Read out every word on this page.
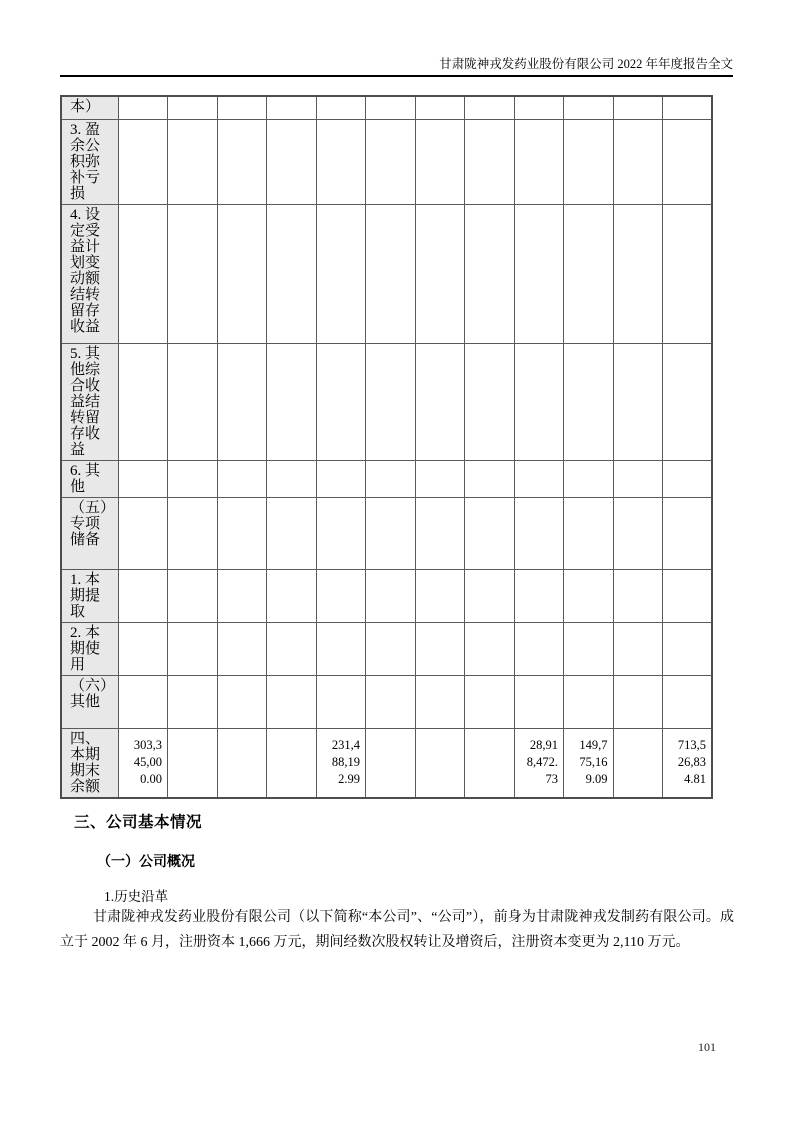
甘肃陇神戎发药业股份有限公司 2022 年年度报告全文
本）												
3. 盈余公积弥补亏损												
4. 设定受益计划变动额结转留存收益												
5. 其他综合收益结转留存收益												
6. 其他												
（五）专项储备												
1. 本期提取												
2. 本期使用												
（六）其他												
四、本期期末余额	303,345,000.00				231,488,192.99				28,918,472.73	149,775,169.09		713,526,834.81
三、公司基本情况
（一）公司概况
1.历史沿革

甘肃陇神戎发药业股份有限公司（以下简称“本公司”、“公司”），前身为甘肃陇神戎发制药有限公司。成立于 2002 年 6 月，注册资本 1,666 万元，期间经数次股权转让及增资后，注册资本变更为 2,110 万元。

101
